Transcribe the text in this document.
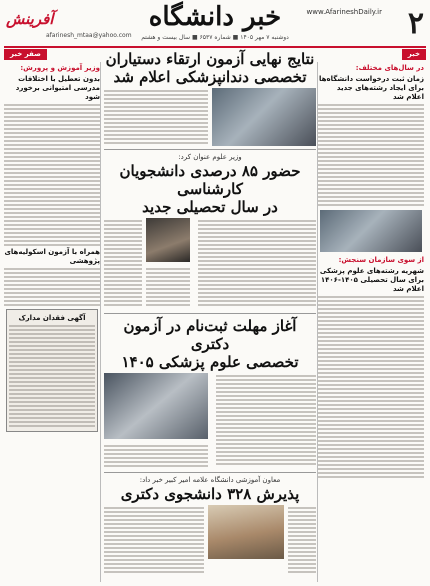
۲
www.AfarineshDaily.ir
خبر دانشگاه
آفرینش
afarinesh_mtaa@yahoo.com	دوشنبه ۷ مهر ۱۴۰۵ ■ شماره ۶۵۳۷ ■ سال بیست و هشتم
خبر
صفر خبر
در سال‌های مختلف:
زمان ثبت درخواست دانشگاه‌ها برای ایجاد رشته‌های جدید اعلام شد
از سوی سازمان سنجش:
شهریه رشته‌های علوم پزشکی برای سال تحصیلی ۱۴۰۵-۱۴۰۶ اعلام شد
وزیر آموزش و پرورش:
بدون تعطیل با اختلافات مدرسی امتیوانی برخورد شود
همراه با آزمون اسکولیه‌های پژوهشی
آگهی فقدان مدارک
نتایج نهایی آزمون ارتقاء دستیاران
تخصصی دندانپزشکی اعلام شد
وزیر علوم عنوان کرد:
حضور ۸۵ درصدی دانشجویان کارشناسی
در سال تحصیلی جدید
آغاز مهلت ثبت‌نام در آزمون دکتری
تخصصی علوم پزشکی ۱۴۰۵
معاون آموزشی دانشگاه علامه امیر کبیر خبر داد:
پذیرش ۳۲۸ دانشجوی دکتری
